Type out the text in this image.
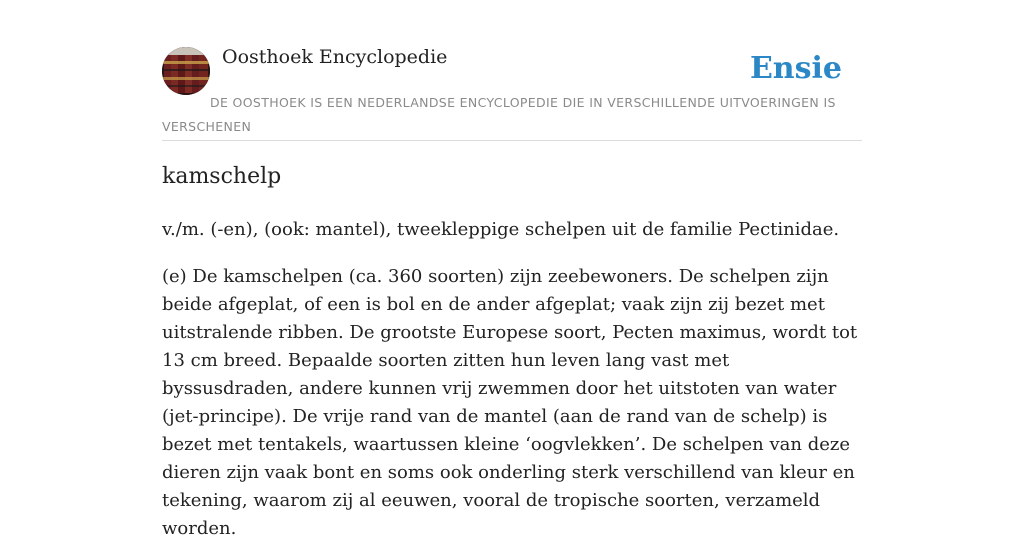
Oosthoek Encyclopedie	Ensie
DE OOSTHOEK IS EEN NEDERLANDSE ENCYCLOPEDIE DIE IN VERSCHILLENDE UITVOERINGEN IS VERSCHENEN
kamschelp

v./m. (-en), (ook: mantel), tweekleppige schelpen uit de familie Pectinidae.

(e) De kamschelpen (ca. 360 soorten) zijn zeebewoners. De schelpen zijn beide afgeplat, of een is bol en de ander afgeplat; vaak zijn zij bezet met uitstralende ribben. De grootste Europese soort, Pecten maximus, wordt tot 13 cm breed. Bepaalde soorten zitten hun leven lang vast met byssusdraden, andere kunnen vrij zwemmen door het uitstoten van water (jet-principe). De vrije rand van de mantel (aan de rand van de schelp) is bezet met tentakels, waartussen kleine ‘oogvlekken’. De schelpen van deze dieren zijn vaak bont en soms ook onderling sterk verschillend van kleur en tekening, waarom zij al eeuwen, vooral de tropische soorten, verzameld worden.
